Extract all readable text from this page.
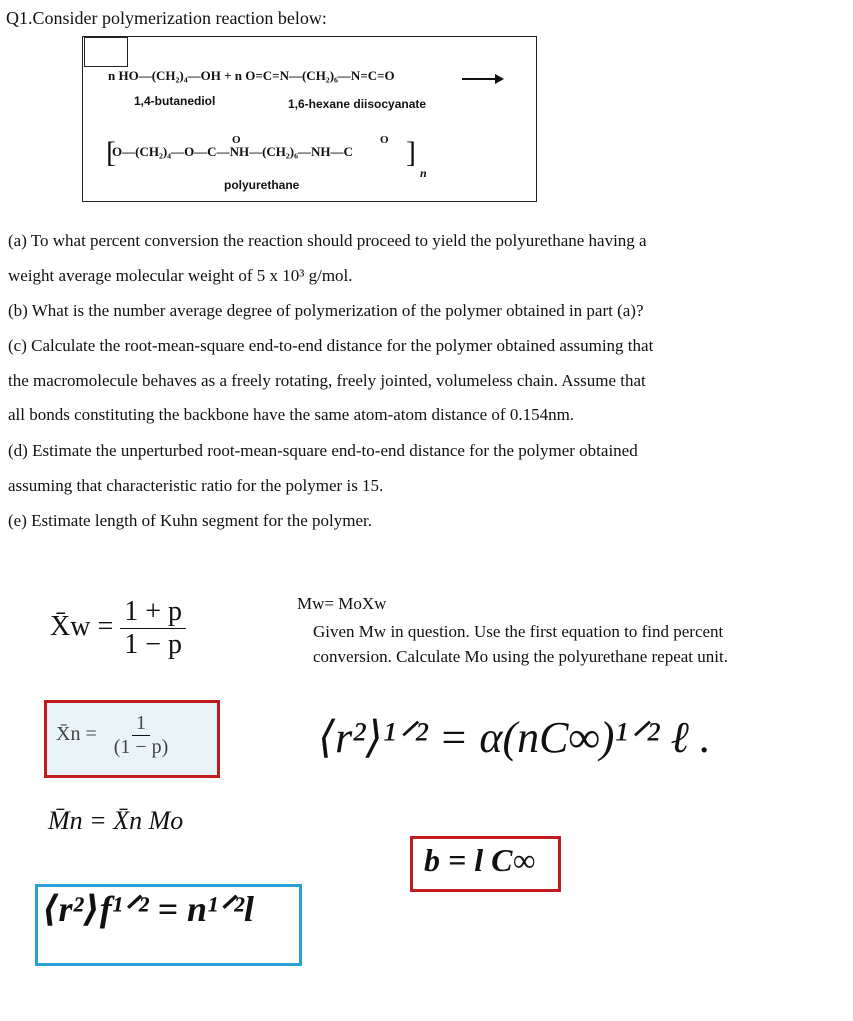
Q1.Consider polymerization reaction below:
n HO—(CH₂)₄—OH + n O=C=N—(CH₂)₆—N=C=O
1,4-butanediol	1,6-hexane diisocyanate
[
O—(CH₂)₄—O—C—NH—(CH₂)₆—NH—C ]
n
O	O
polyurethane
(a) To what percent conversion the reaction should proceed to yield the polyurethane having a
weight average molecular weight of 5 x 10³ g/mol.
(b) What is the number average degree of polymerization of the polymer obtained in part (a)?
(c) Calculate the root-mean-square end-to-end distance for the polymer obtained assuming that
the macromolecule behaves as a freely rotating, freely jointed, volumeless chain. Assume that
all bonds constituting the backbone have the same atom-atom distance of 0.154nm.
(d) Estimate the unperturbed root-mean-square end-to-end distance for the polymer obtained
assuming that characteristic ratio for the polymer is 15.
(e) Estimate length of Kuhn segment for the polymer.
X̄w = $\frac{1 + p}{1 - p}$
X̄n = $\frac{1}{(1 - p)}$
M̄n = X̄n Mo
⟨r²⟩f¹ᐟ² = n¹ᐟ²l
Mw= MoXw
Given Mw in question. Use the first equation to find percent
conversion. Calculate Mo using the polyurethane repeat unit.
⟨r²⟩¹ᐟ² = α(nC∞)¹ᐟ² ℓ .
b = l C∞
